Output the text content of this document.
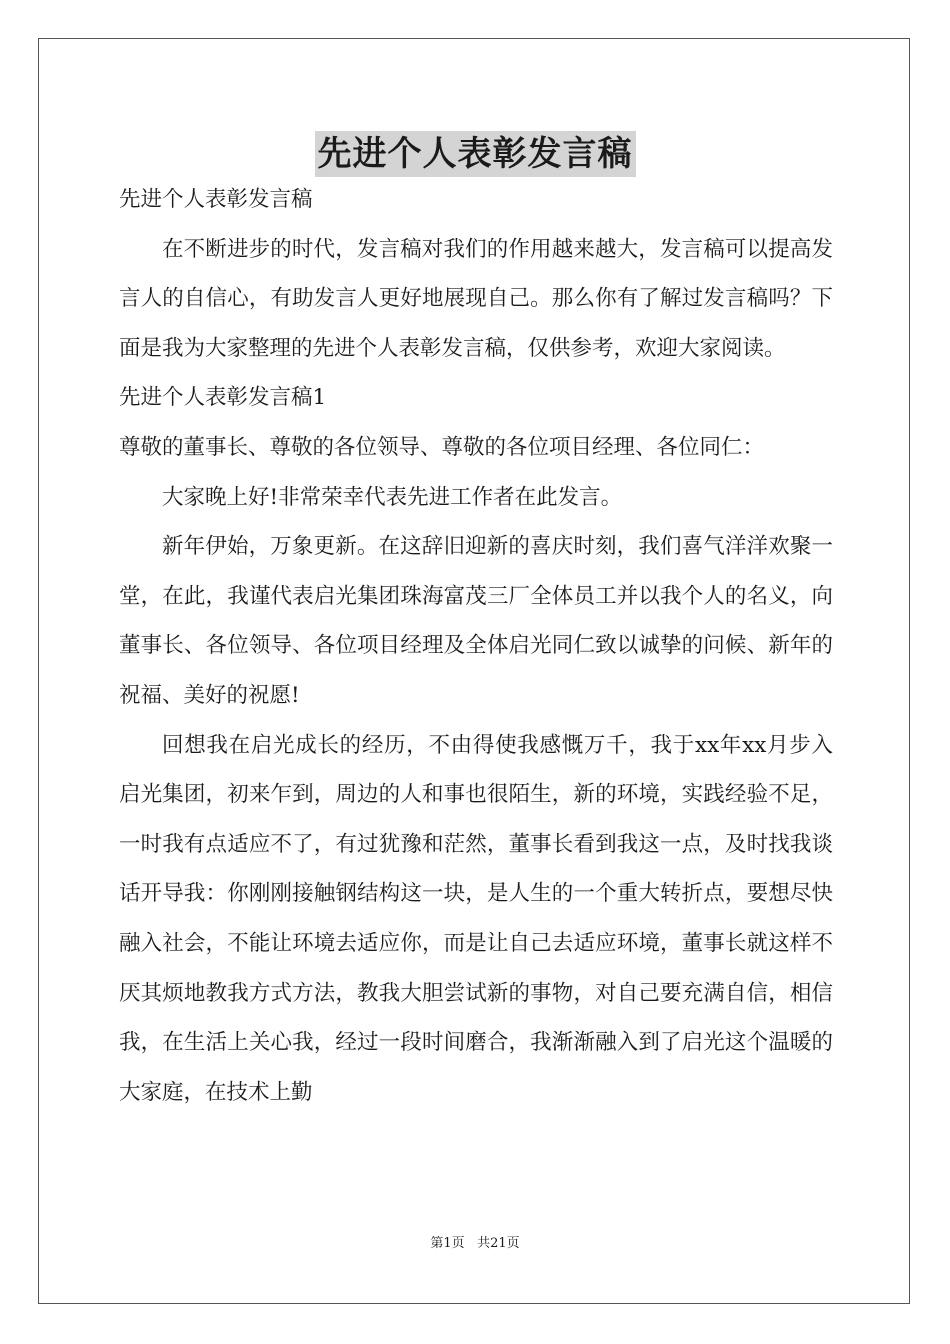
先进个人表彰发言稿

先进个人表彰发言稿

在不断进步的时代，发言稿对我们的作用越来越大，发言稿可以提高发言人的自信心，有助发言人更好地展现自己。那么你有了解过发言稿吗？下面是我为大家整理的先进个人表彰发言稿，仅供参考，欢迎大家阅读。

先进个人表彰发言稿1

尊敬的董事长、尊敬的各位领导、尊敬的各位项目经理、各位同仁：

大家晚上好!非常荣幸代表先进工作者在此发言。

新年伊始，万象更新。在这辞旧迎新的喜庆时刻，我们喜气洋洋欢聚一堂，在此，我谨代表启光集团珠海富茂三厂全体员工并以我个人的名义，向董事长、各位领导、各位项目经理及全体启光同仁致以诚挚的问候、新年的祝福、美好的祝愿!

回想我在启光成长的经历，不由得使我感慨万千，我于xx年xx月步入启光集团，初来乍到，周边的人和事也很陌生，新的环境，实践经验不足，一时我有点适应不了，有过犹豫和茫然，董事长看到我这一点，及时找我谈话开导我：你刚刚接触钢结构这一块，是人生的一个重大转折点，要想尽快融入社会，不能让环境去适应你，而是让自己去适应环境，董事长就这样不厌其烦地教我方式方法，教我大胆尝试新的事物，对自己要充满自信，相信我，在生活上关心我，经过一段时间磨合，我渐渐融入到了启光这个温暖的大家庭，在技术上勤

第1页 共21页
